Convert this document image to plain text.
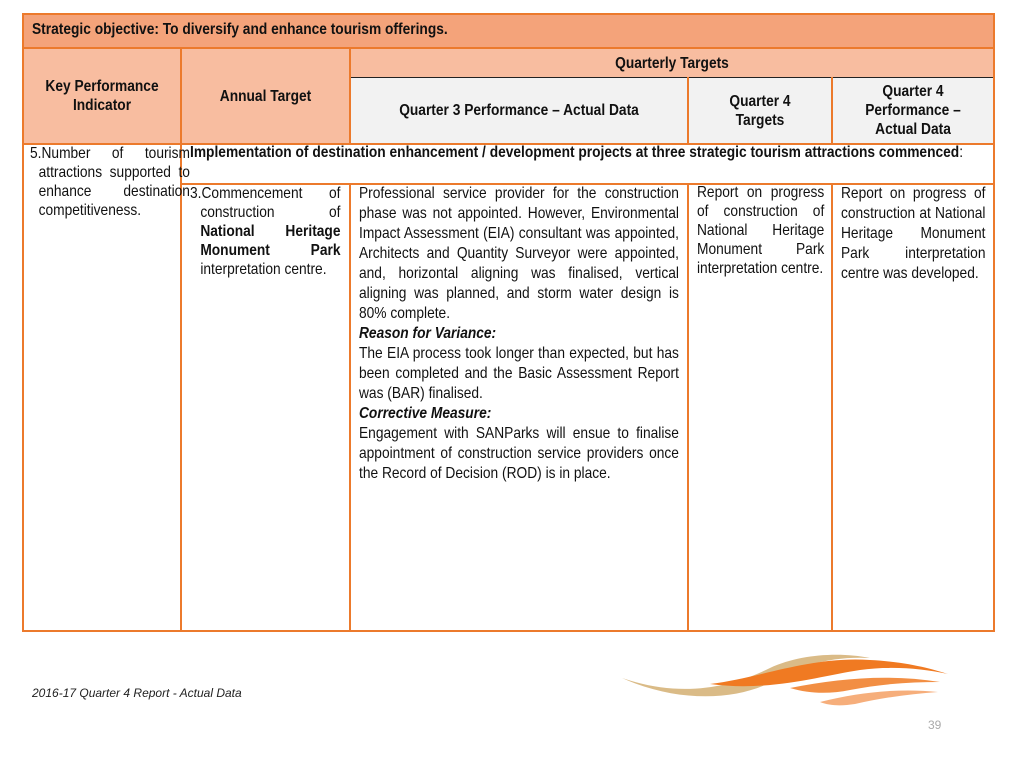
Strategic objective: To diversify and enhance tourism offerings.
Key Performance Indicator
Annual Target
Quarterly Targets
Quarter 3 Performance – Actual Data
Quarter 4 Targets
Quarter 4 Performance – Actual Data
5.Number of tourism attractions supported to enhance destination competitiveness.
Implementation of destination enhancement / development projects at three strategic tourism attractions commenced:
3.Commencement of construction of National Heritage Monument Park interpretation centre.

Professional service provider for the construction phase was not appointed. However, Environmental Impact Assessment (EIA) consultant was appointed, Architects and Quantity Surveyor were appointed, and, horizontal aligning was finalised, vertical aligning was planned, and storm water design is 80% complete.

Reason for Variance:

The EIA process took longer than expected, but has been completed and the Basic Assessment Report was (BAR) finalised.

Corrective Measure:

Engagement with SANParks will ensue to finalise appointment of construction service providers once the Record of Decision (ROD) is in place.

Report on progress of construction of National Heritage Monument Park interpretation centre.
Report on progress of construction at National Heritage Monument Park interpretation centre was developed.
2016-17 Quarter 4 Report - Actual Data
39
